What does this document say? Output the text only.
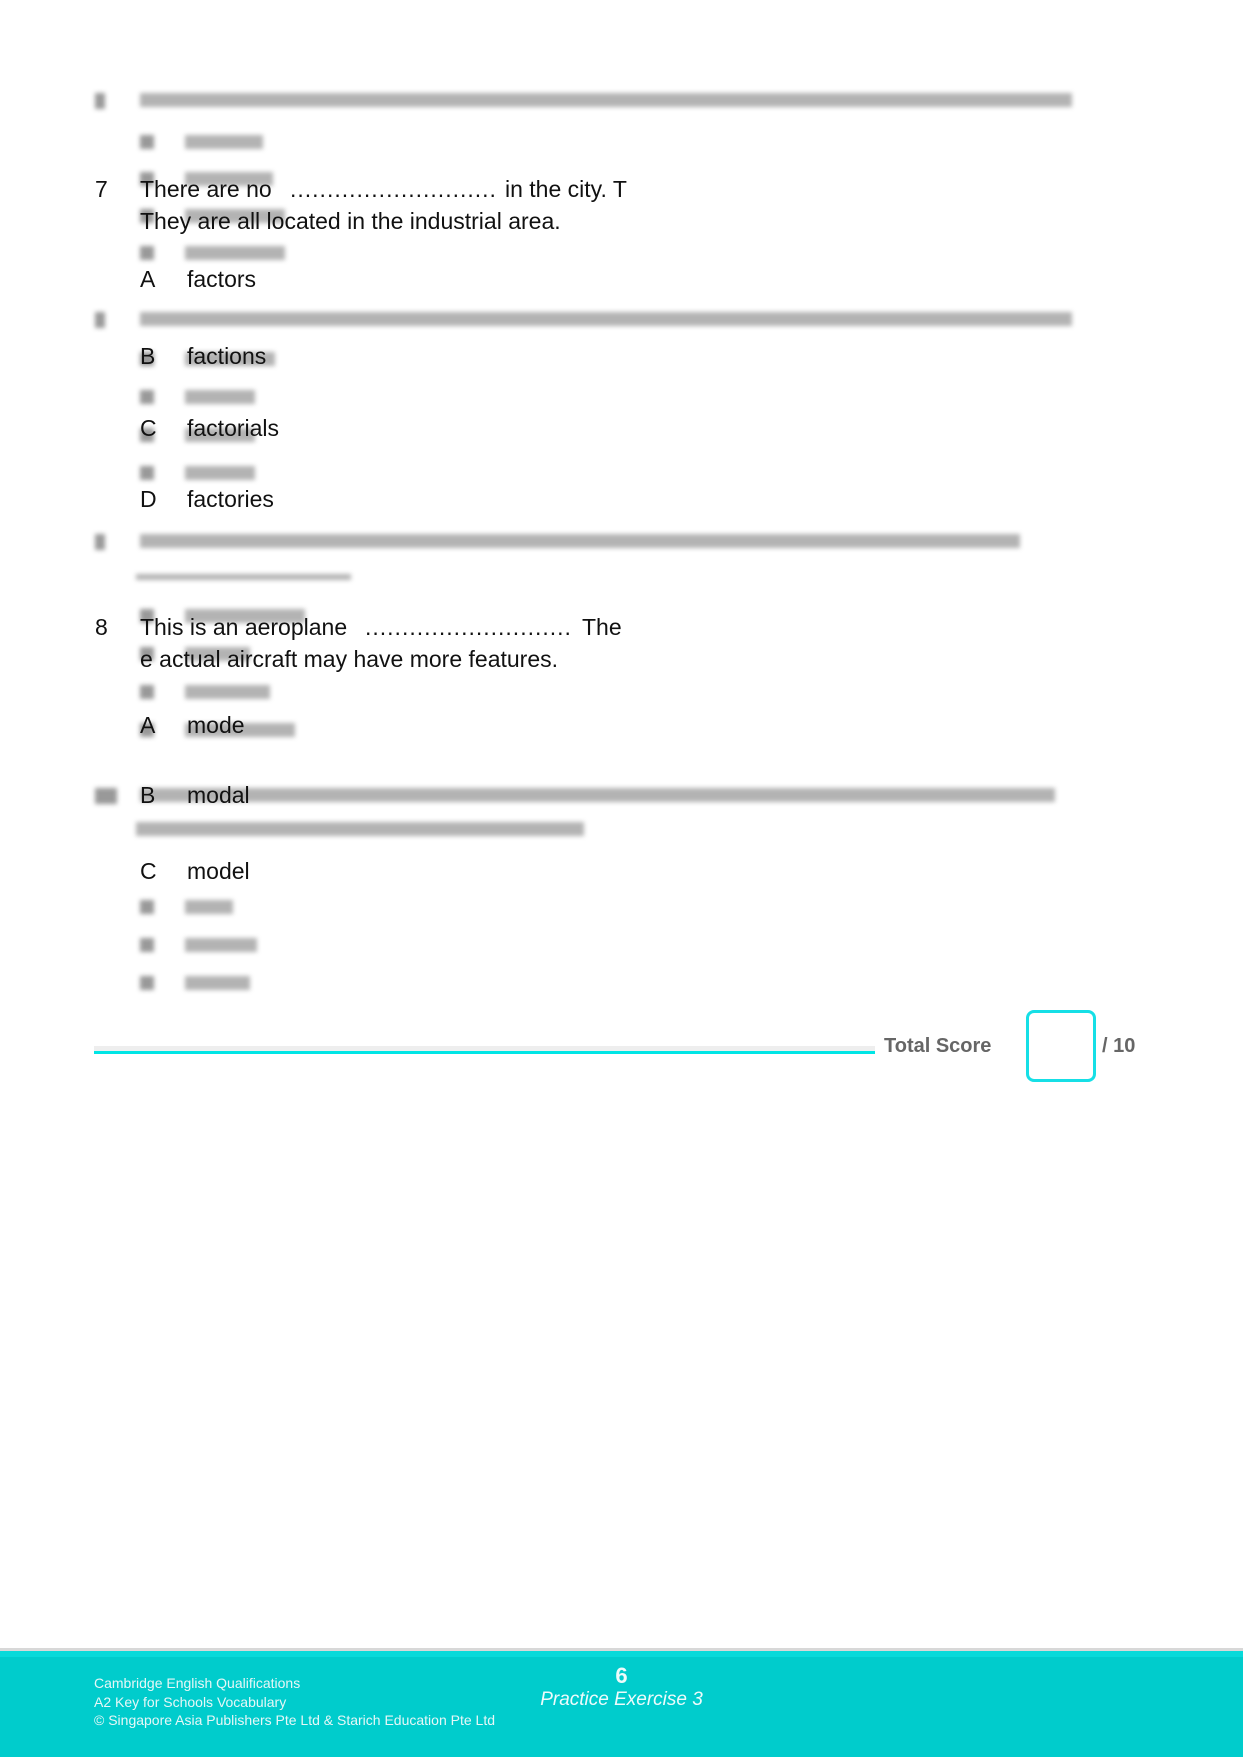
7 There are no ............................ in the city. T
They are all located in the industrial area.
A factors
B factions
C factorials
D factories
8 This is an aeroplane ............................ The
e actual aircraft may have more features.
A mode
B modal
C model
Total Score	/ 10
Cambridge English Qualifications
A2 Key for Schools Vocabulary
© Singapore Asia Publishers Pte Ltd & Starich Education Pte Ltd
6
Practice Exercise 3
